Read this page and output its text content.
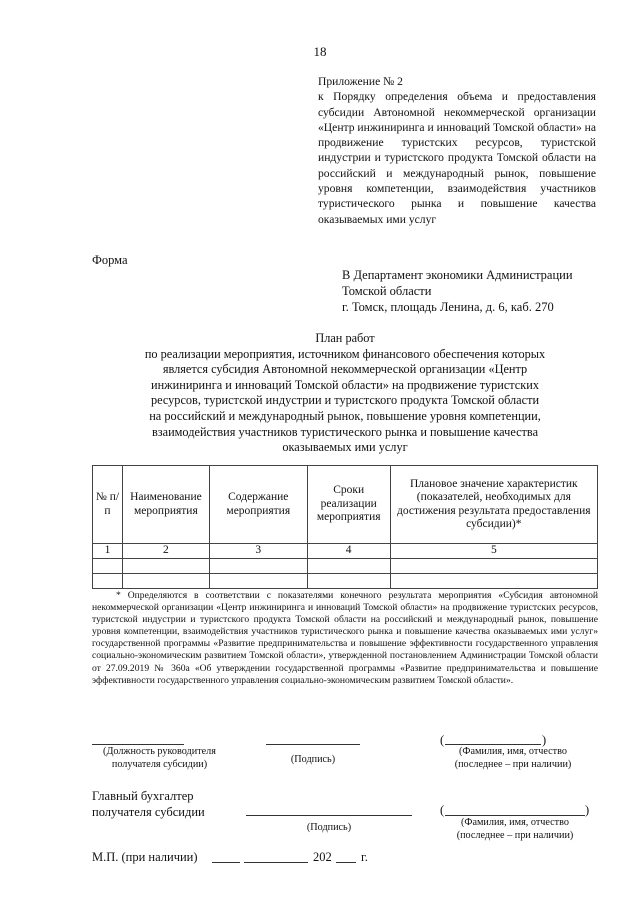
18
Приложение № 2
к Порядку определения объема и предоставления субсидии Автономной некоммерческой организации «Центр инжиниринга и инноваций Томской области» на продвижение туристских ресурсов, туристской индустрии и туристского продукта Томской области на российский и международный рынок, повышение уровня компетенции, взаимодействия участников туристического рынка и повышение качества оказываемых ими услуг
Форма
В Департамент экономики Администрации
Томской области
г. Томск, площадь Ленина, д. 6, каб. 270
План работ
по реализации мероприятия, источником финансового обеспечения которых
является субсидия Автономной некоммерческой организации «Центр
инжиниринга и инноваций Томской области» на продвижение туристских
ресурсов, туристской индустрии и туристского продукта Томской области
на российский и международный рынок, повышение уровня компетенции,
взаимодействия участников туристического рынка и повышение качества
оказываемых ими услуг
№ п/п	Наименование мероприятия	Содержание мероприятия	Сроки реализации мероприятия	Плановое значение характеристик (показателей, необходимых для достижения результата предоставления субсидии)*
1	2	3	4	5

* Определяются в соответствии с показателями конечного результата мероприятия «Субсидия автономной некоммерческой организации «Центр инжиниринга и инноваций Томской области» на продвижение туристских ресурсов, туристской индустрии и туристского продукта Томской области на российский и международный рынок, повышение уровня компетенции, взаимодействия участников туристического рынка и повышение качества оказываемых ими услуг» государственной программы «Развитие предпринимательства и повышение эффективности государственного управления социально-экономическим развитием Томской области», утвержденной постановлением Администрации Томской области от 27.09.2019 № 360а «Об утверждении государственной программы «Развитие предпринимательства и повышение эффективности государственного управления социально-экономическим развитием Томской области».
(Должность руководителя получателя субсидии)	(Подпись)
(	)
(Фамилия, имя, отчество (последнее – при наличии)
Главный бухгалтер
получателя субсидии
(Подпись)
(	)
(Фамилия, имя, отчество (последнее – при наличии)
М.П. (при наличии)	202 г.
